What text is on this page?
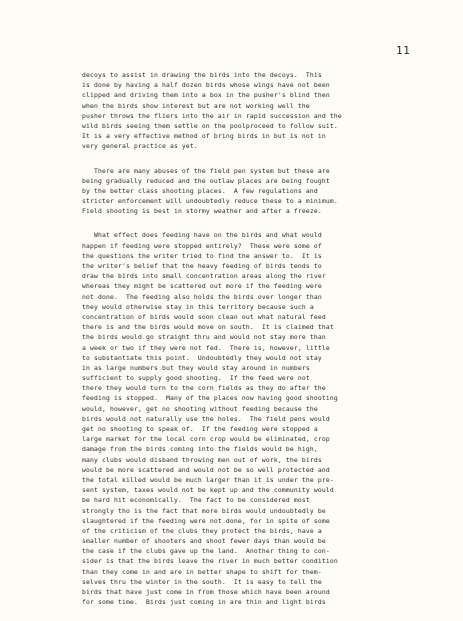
11
decoys to assist in drawing the birds into the decoys.  This
is done by having a half dozen birds whose wings have not been
clipped and driving them into a box in the pusher's blind then
when the birds show interest but are not working well the
pusher throws the fliers into the air in rapid succession and the
wild birds seeing them settle on the poolproceed to follow suit.
It is a very effective method of bring birds in but is not in
very general practice as yet.
There are many abuses of the field pen system but these are
being gradually reduced and the outlaw places are being fought
by the better class shooting places.  A few regulations and
stricter enforcement will undoubtedly reduce these to a minimum.
Field shooting is best in stormy weather and after a freeze.
What effect does feeding have on the birds and what would
happen if feeding were stopped entirely?  These were some of
the questions the writer tried to find the answer to.  It is
the writer's belief that the heavy feeding of birds tends to
draw the birds into small concentration areas along the river
whereas they might be scattered out more if the feeding were
not done.  The feeding also holds the birds over longer than
they would otherwise stay in this territory because such a
concentration of birds would soon clean out what natural feed
there is and the birds would move on south.  It is claimed that
the birds would go straight thru and would not stay more than
a week or two if they were not fed.  There is, however, little
to substantiate this point.  Undoubtedly they would not stay
in as large numbers but they would stay around in numbers
sufficient to supply good shooting.  If the feed were not
there they would turn to the corn fields as they do after the
feeding is stopped.  Many of the places now having good shooting
would, however, get no shooting without feeding because the
birds would not naturally use the holes.  The field pens would
get no shooting to speak of.  If the feeding were stopped a
large market for the local corn crop would be eliminated, crop
damage from the birds coming into the fields would be high,
many clubs would disband throwing men out of work, the birds
would be more scattered and would not be so well protected and
the total killed would be much larger than it is under the pre-
sent system, taxes would not be kept up and the community would
be hard hit economically.  The fact to be considered most
strongly tho is the fact that more birds would undoubtedly be
slaughtered if the feeding were not done, for in spite of some
of the criticism of the clubs they protect the birds, have a
smaller number of shooters and shoot fewer days than would be
the case if the clubs gave up the land.  Another thing to con-
sider is that the birds leave the river in much better condition
than they come in and are in better shape to shift for them-
selves thru the winter in the south.  It is easy to tell the
birds that have just come in from those which have been around
for some time.  Birds just coming in are thin and light birds
